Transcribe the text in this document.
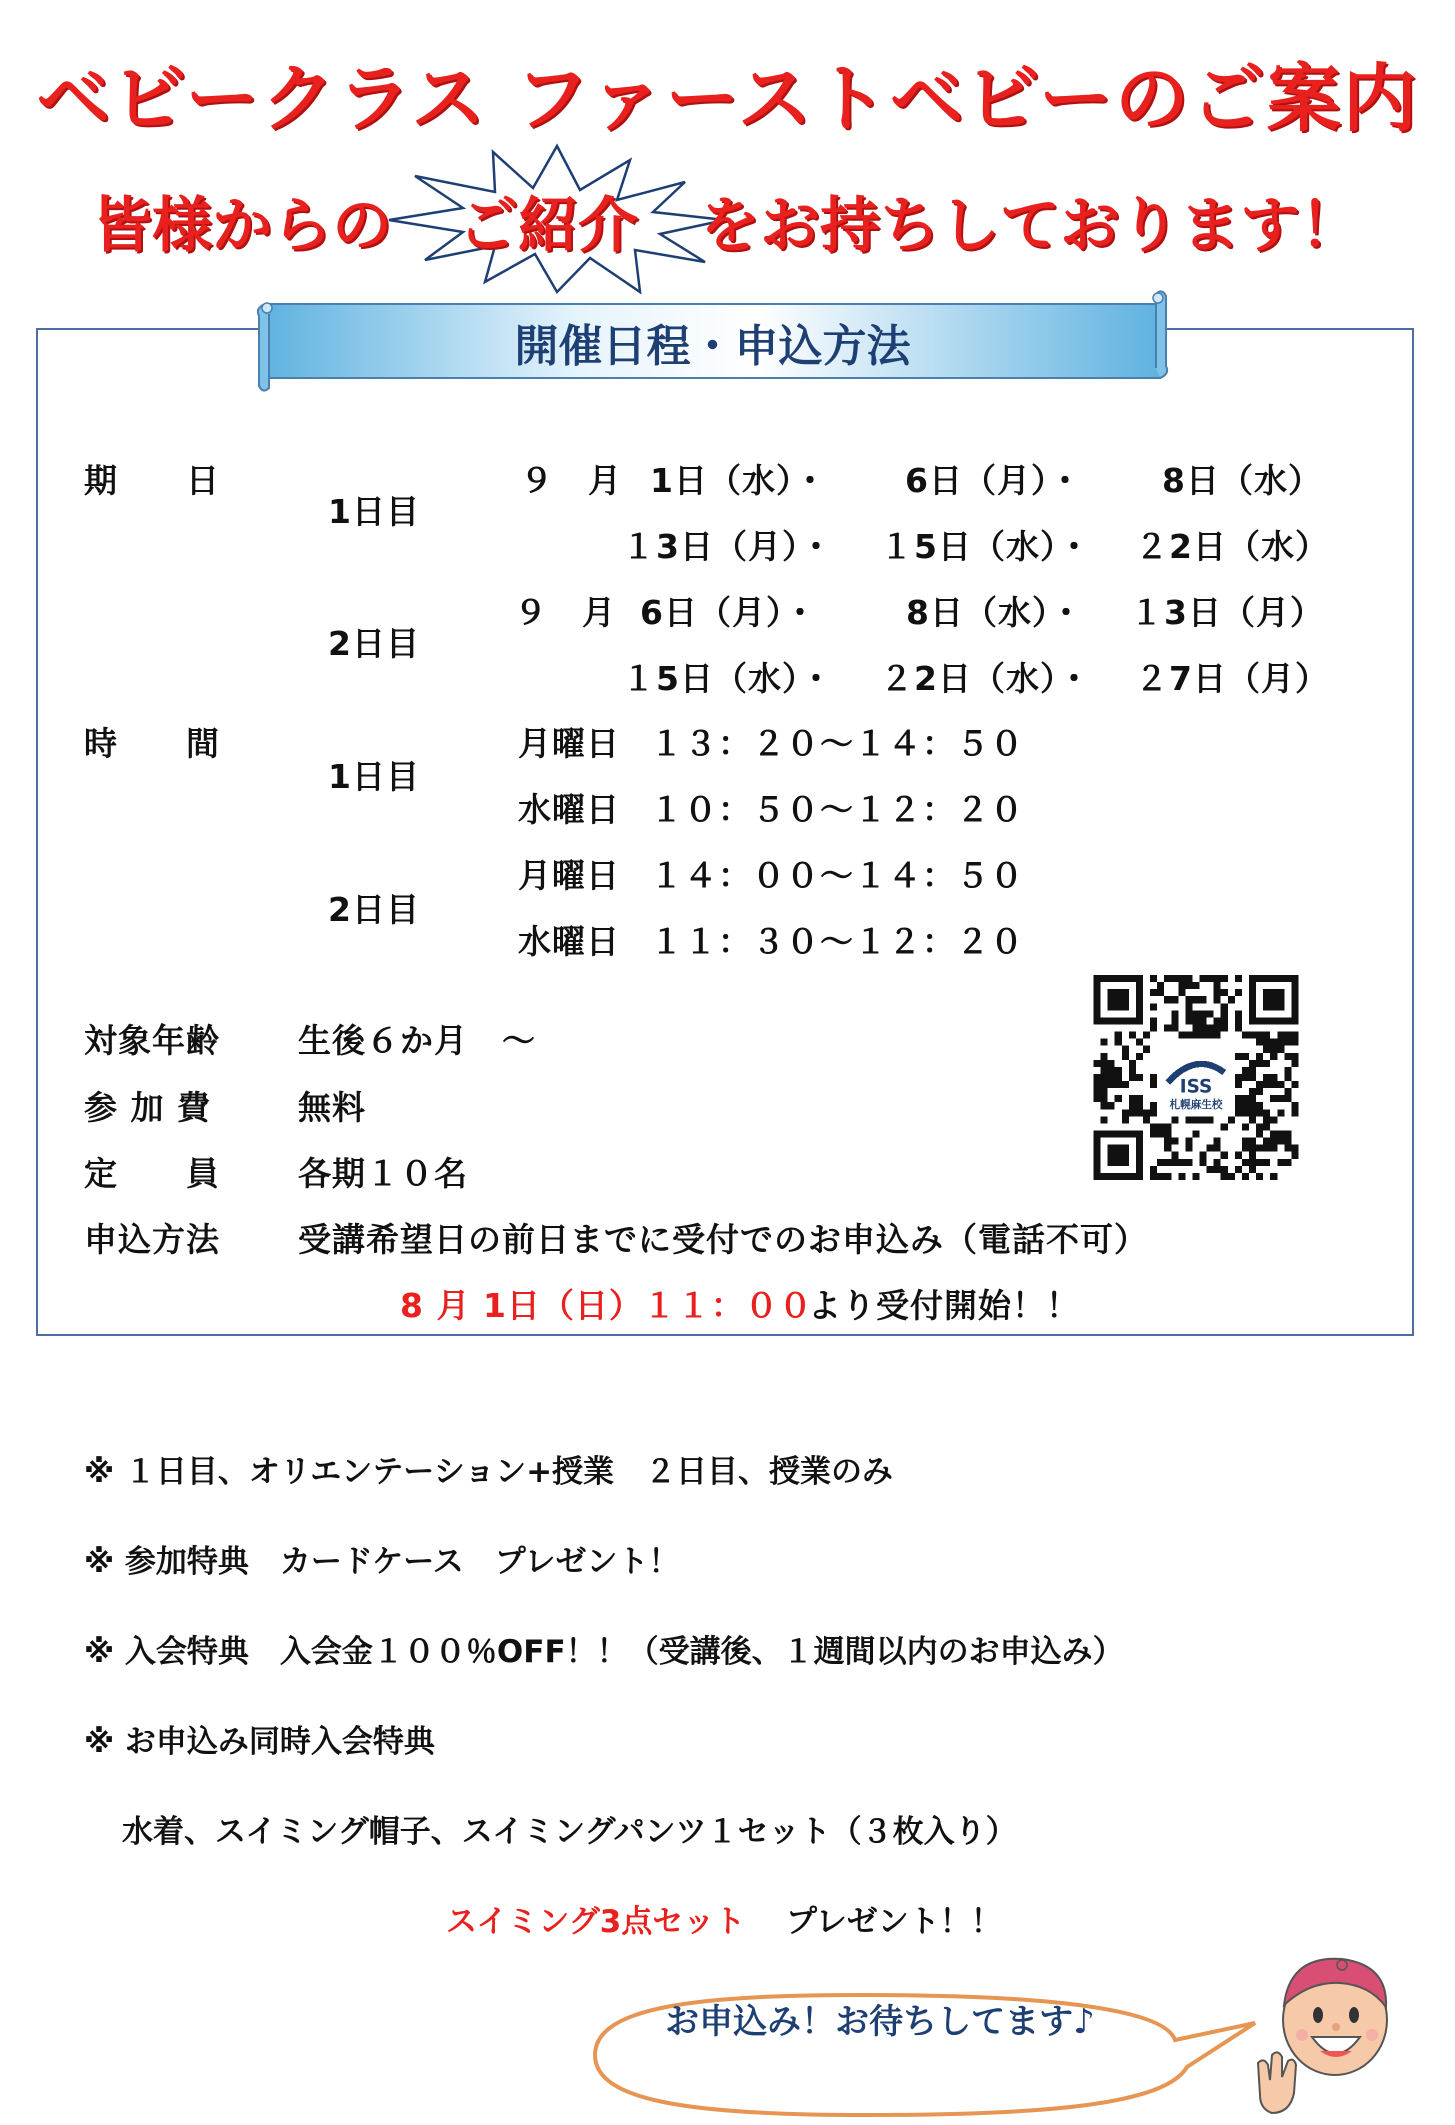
ベビークラス ファーストベビーのご案内
皆様からの ご紹介 をお持ちしております！
開催日程・申込方法
期　　日
1日目
９　月 1日（水）・ 6日（月）・ 8日（水）
１3日（月）・ １5日（水）・ ２2日（水）
2日目
９　月 6日（月）・	8日（水）・ １3日（月）
１5日（水）・ ２2日（水）・ ２7日（月）
時　　間
1日目
月曜日 １３：２０～１４：５０
水曜日 １０：５０～１２：２０
2日目
月曜日 １４：００～１４：５０
水曜日 １１：３０～１２：２０
対象年齢 生後６か月　～
参 加 費	無料
定　　員 各期１０名
申込方法 受講希望日の前日までに受付でのお申込み（電話不可）
8 月 1日（日）１１：００
より受付開始！！
ISS
札幌麻生校
※ １日目、オリエンテーション+授業　２日目、授業のみ
※ 参加特典　カードケース　プレゼント！
※ 入会特典　入会金１００％OFF！！（受講後、１週間以内のお申込み）
※ お申込み同時入会特典
水着、スイミング帽子、スイミングパンツ１セット（３枚入り）
スイミング3点セット プレゼント！！
お申込み！お待ちしてます♪
